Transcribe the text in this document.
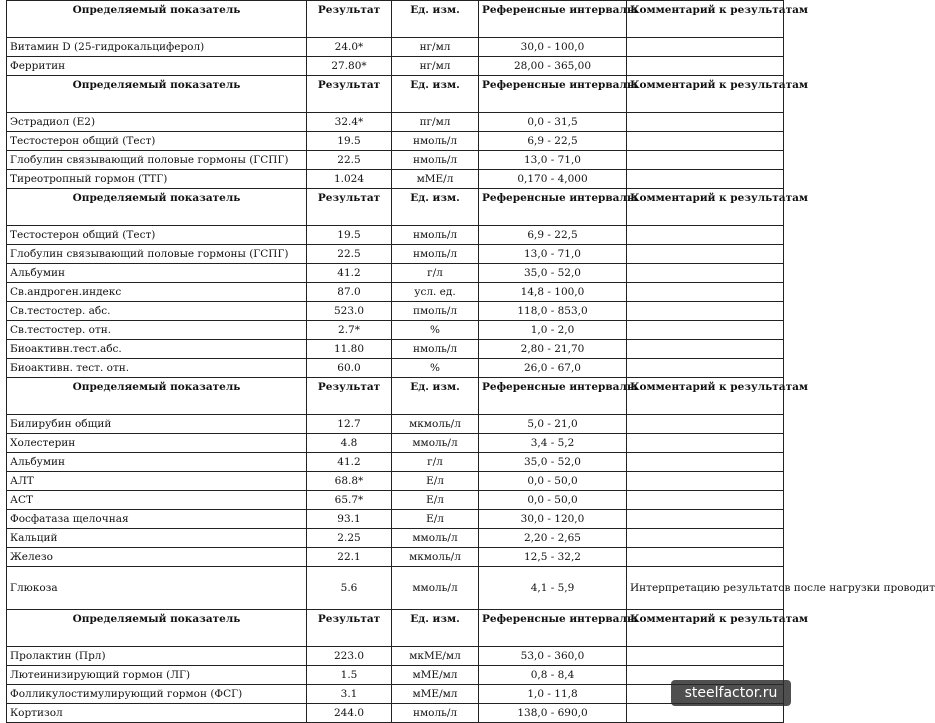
Определяемый показатель	Результат	Ед. изм.	Референсные интервалы	Комментарий к результатам
Витамин D (25-гидрокальциферол)	24.0*	нг/мл	30,0 - 100,0	
Ферритин	27.80*	нг/мл	28,00 - 365,00	
Определяемый показатель	Результат	Ед. изм.	Референсные интервалы	Комментарий к результатам
Эстрадиол (E2)	32.4*	пг/мл	0,0 - 31,5	
Тестостерон общий (Тест)	19.5	нмоль/л	6,9 - 22,5	
Глобулин связывающий половые гормоны (ГСПГ)	22.5	нмоль/л	13,0 - 71,0	
Тиреотропный гормон (ТТГ)	1.024	мМЕ/л	0,170 - 4,000	
Определяемый показатель	Результат	Ед. изм.	Референсные интервалы	Комментарий к результатам
Тестостерон общий (Тест)	19.5	нмоль/л	6,9 - 22,5	
Глобулин связывающий половые гормоны (ГСПГ)	22.5	нмоль/л	13,0 - 71,0	
Альбумин	41.2	г/л	35,0 - 52,0	
Св.андроген.индекс	87.0	усл. ед.	14,8 - 100,0	
Св.тестостер. абс.	523.0	пмоль/л	118,0 - 853,0	
Св.тестостер. отн.	2.7*	%	1,0 - 2,0	
Биоактивн.тест.абс.	11.80	нмоль/л	2,80 - 21,70	
Биоактивн. тест. отн.	60.0	%	26,0 - 67,0	
Определяемый показатель	Результат	Ед. изм.	Референсные интервалы	Комментарий к результатам
Билирубин общий	12.7	мкмоль/л	5,0 - 21,0	
Холестерин	4.8	ммоль/л	3,4 - 5,2	
Альбумин	41.2	г/л	35,0 - 52,0	
АЛТ	68.8*	Е/л	0,0 - 50,0	
АСТ	65.7*	Е/л	0,0 - 50,0	
Фосфатаза щелочная	93.1	Е/л	30,0 - 120,0	
Кальций	2.25	ммоль/л	2,20 - 2,65	
Железо	22.1	мкмоль/л	12,5 - 32,2	
Глюкоза	5.6	ммоль/л	4,1 - 5,9	Интерпретацию результатов после нагрузки проводит
Определяемый показатель	Результат	Ед. изм.	Референсные интервалы	Комментарий к результатам
Пролактин (Прл)	223.0	мкМЕ/мл	53,0 - 360,0	
Лютеинизирующий гормон (ЛГ)	1.5	мМЕ/мл	0,8 - 8,4	
Фолликулостимулирующий гормон (ФСГ)	3.1	мМЕ/мл	1,0 - 11,8	
Кортизол	244.0	нмоль/л	138,0 - 690,0	
steelfactor.ru
